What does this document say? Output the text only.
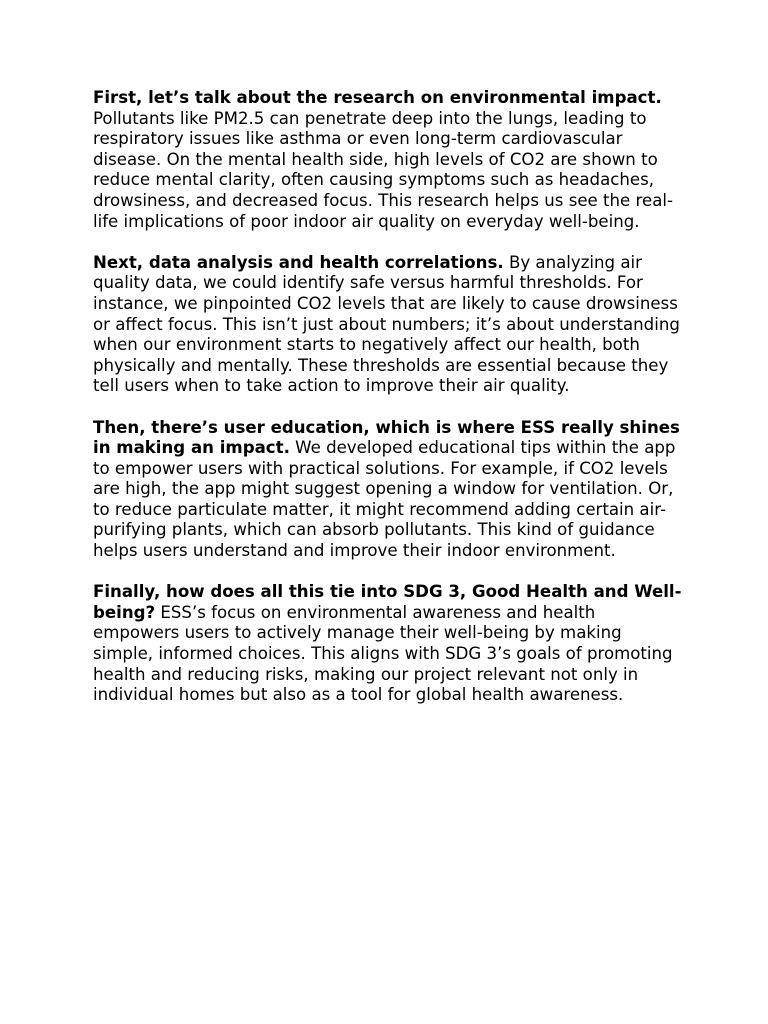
First, let’s talk about the research on environmental impact. Pollutants like PM2.5 can penetrate deep into the lungs, leading to respiratory issues like asthma or even long-term cardiovascular disease. On the mental health side, high levels of CO2 are shown to reduce mental clarity, often causing symptoms such as headaches, drowsiness, and decreased focus. This research helps us see the real-life implications of poor indoor air quality on everyday well-being.

Next, data analysis and health correlations. By analyzing air quality data, we could identify safe versus harmful thresholds. For instance, we pinpointed CO2 levels that are likely to cause drowsiness or affect focus. This isn’t just about numbers; it’s about understanding when our environment starts to negatively affect our health, both physically and mentally. These thresholds are essential because they tell users when to take action to improve their air quality.

Then, there’s user education, which is where ESS really shines in making an impact. We developed educational tips within the app to empower users with practical solutions. For example, if CO2 levels are high, the app might suggest opening a window for ventilation. Or, to reduce particulate matter, it might recommend adding certain air-purifying plants, which can absorb pollutants. This kind of guidance helps users understand and improve their indoor environment.

Finally, how does all this tie into SDG 3, Good Health and Well-being? ESS’s focus on environmental awareness and health empowers users to actively manage their well-being by making simple, informed choices. This aligns with SDG 3’s goals of promoting health and reducing risks, making our project relevant not only in individual homes but also as a tool for global health awareness.
